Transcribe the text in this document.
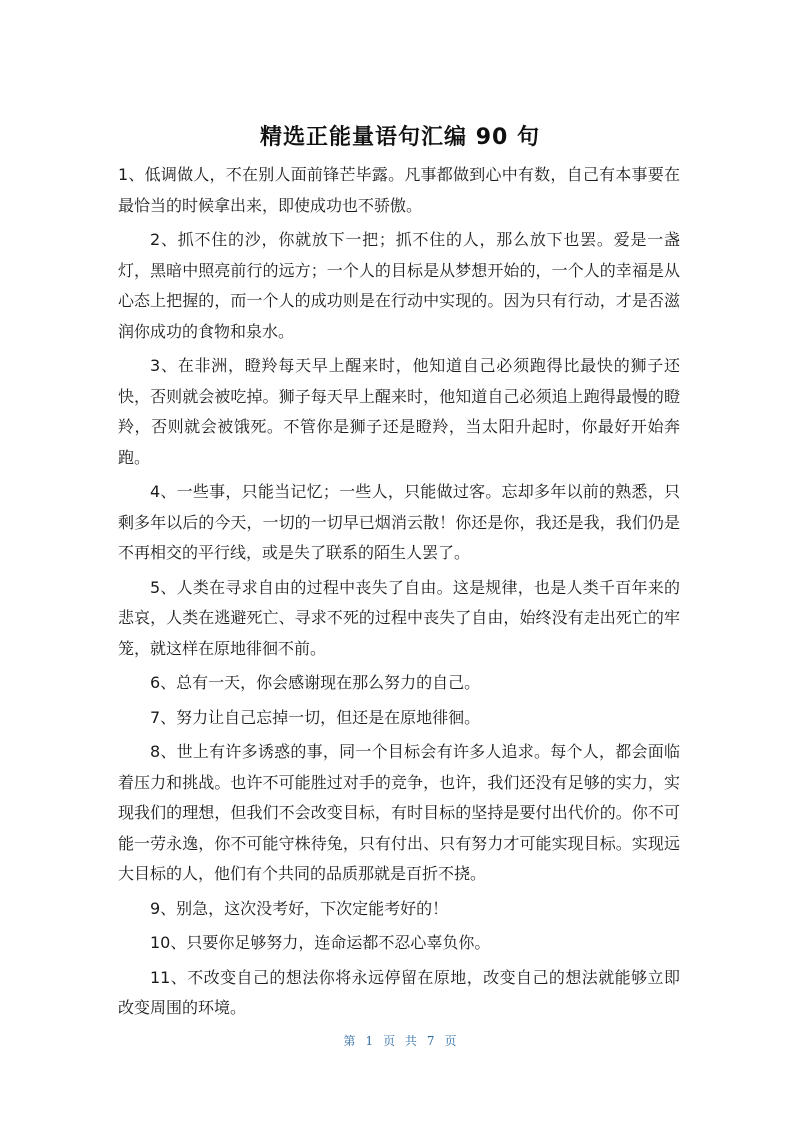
精选正能量语句汇编 90 句

1、低调做人，不在别人面前锋芒毕露。凡事都做到心中有数，自己有本事要在最恰当的时候拿出来，即使成功也不骄傲。

2、抓不住的沙，你就放下一把；抓不住的人，那么放下也罢。爱是一盏灯，黑暗中照亮前行的远方；一个人的目标是从梦想开始的，一个人的幸福是从心态上把握的，而一个人的成功则是在行动中实现的。因为只有行动，才是否滋润你成功的食物和泉水。

3、在非洲，瞪羚每天早上醒来时，他知道自己必须跑得比最快的狮子还快，否则就会被吃掉。狮子每天早上醒来时，他知道自己必须追上跑得最慢的瞪羚，否则就会被饿死。不管你是狮子还是瞪羚，当太阳升起时，你最好开始奔跑。

4、一些事，只能当记忆；一些人，只能做过客。忘却多年以前的熟悉，只剩多年以后的今天，一切的一切早已烟消云散！你还是你，我还是我，我们仍是不再相交的平行线，或是失了联系的陌生人罢了。

5、人类在寻求自由的过程中丧失了自由。这是规律，也是人类千百年来的悲哀，人类在逃避死亡、寻求不死的过程中丧失了自由，始终没有走出死亡的牢笼，就这样在原地徘徊不前。

6、总有一天，你会感谢现在那么努力的自己。

7、努力让自己忘掉一切，但还是在原地徘徊。

8、世上有许多诱惑的事，同一个目标会有许多人追求。每个人，都会面临着压力和挑战。也许不可能胜过对手的竞争，也许，我们还没有足够的实力，实现我们的理想，但我们不会改变目标，有时目标的坚持是要付出代价的。你不可能一劳永逸，你不可能守株待兔，只有付出、只有努力才可能实现目标。实现远大目标的人，他们有个共同的品质那就是百折不挠。

9、别急，这次没考好，下次定能考好的！

10、只要你足够努力，连命运都不忍心辜负你。

11、不改变自己的想法你将永远停留在原地，改变自己的想法就能够立即改变周围的环境。

第 1 页 共 7 页
